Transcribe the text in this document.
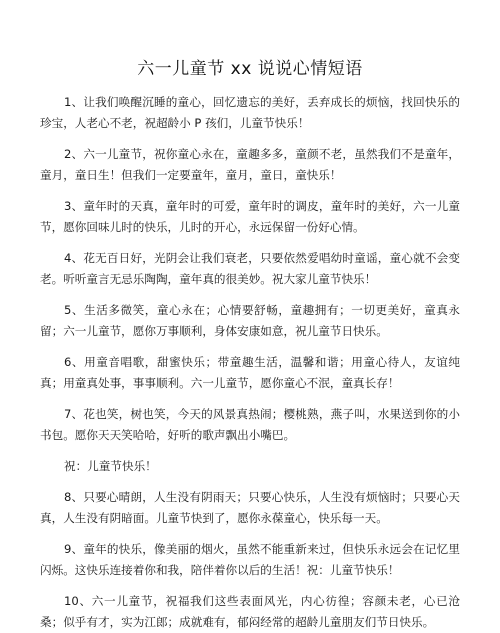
六一儿童节 xx 说说心情短语
1、让我们唤醒沉睡的童心，回忆遗忘的美好，丢弃成长的烦恼，找回快乐的珍宝，人老心不老，祝超龄小 P 孩们，儿童节快乐！
2、六一儿童节，祝你童心永在，童趣多多，童颜不老，虽然我们不是童年，童月，童日生！但我们一定要童年，童月，童日，童快乐！
3、童年时的天真，童年时的可爱，童年时的调皮，童年时的美好，六一儿童节，愿你回味儿时的快乐，儿时的开心，永远保留一份好心情。
4、花无百日好，光阴会让我们衰老，只要依然爱唱幼时童谣，童心就不会变老。听听童言无忌乐陶陶，童年真的很美妙。祝大家儿童节快乐！
5、生活多微笑，童心永在；心情要舒畅，童趣拥有；一切更美好，童真永留；六一儿童节，愿你万事顺利，身体安康如意，祝儿童节日快乐。
6、用童音唱歌，甜蜜快乐；带童趣生活，温馨和谐；用童心待人，友谊纯真；用童真处事，事事顺利。六一儿童节，愿你童心不泯，童真长存！
7、花也笑，树也笑，今天的风景真热闹；樱桃熟，燕子叫，水果送到你的小书包。愿你天天笑哈哈，好听的歌声飘出小嘴巴。
祝：儿童节快乐！
8、只要心晴朗，人生没有阴雨天；只要心快乐，人生没有烦恼时；只要心天真，人生没有阴暗面。儿童节快到了，愿你永葆童心，快乐每一天。
9、童年的快乐，像美丽的烟火，虽然不能重新来过，但快乐永远会在记忆里闪烁。这快乐连接着你和我，陪伴着你以后的生活！祝：儿童节快乐！
10、六一儿童节，祝福我们这些表面风光，内心彷徨；容颜未老，心已沧桑；似乎有才，实为江郎；成就难有，郁闷经常的超龄儿童朋友们节日快乐。
